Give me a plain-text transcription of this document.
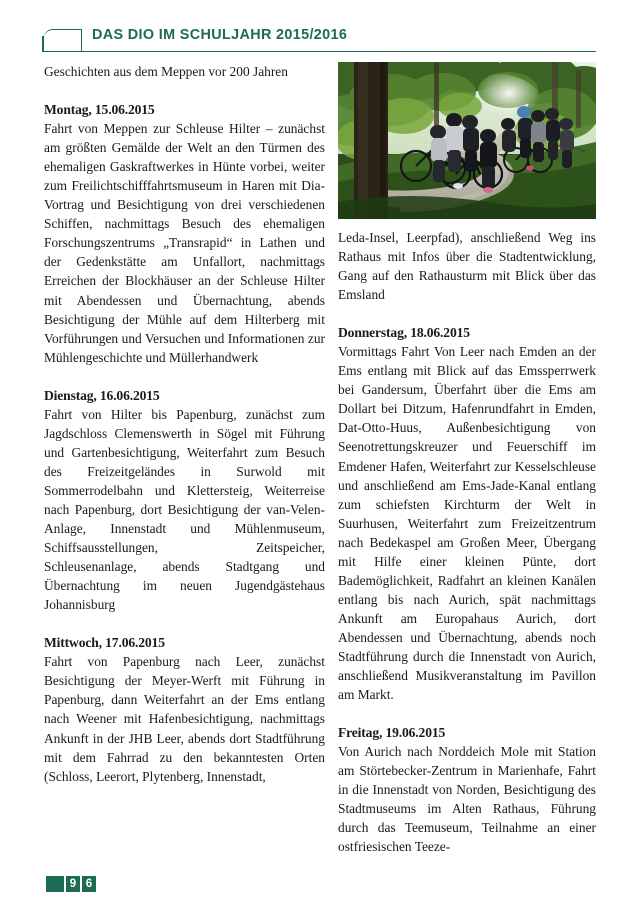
DAS DIO IM SCHULJAHR 2015/2016

Geschichten aus dem Meppen vor 200 Jahren

Montag, 15.06.2015

Fahrt von Meppen zur Schleuse Hilter – zunächst am größten Gemälde der Welt an den Türmen des ehemaligen Gaskraftwerkes in Hünte vorbei, weiter zum Freilichtschifffahrtsmuseum in Haren mit Dia-Vortrag und Besichtigung von drei verschiedenen Schiffen, nachmittags Besuch des ehemaligen Forschungszentrums „Transrapid“ in Lathen und der Gedenkstätte am Unfallort, nachmittags Erreichen der Blockhäuser an der Schleuse Hilter mit Abendessen und Übernachtung, abends Besichtigung der Mühle auf dem Hilterberg mit Vorführungen und Versuchen und Informationen zur Mühlengeschichte und Müllerhandwerk

Dienstag, 16.06.2015

Fahrt von Hilter bis Papenburg, zunächst zum Jagdschloss Clemenswerth in Sögel mit Führung und Gartenbesichtigung, Weiterfahrt zum Besuch des Freizeitgeländes in Surwold mit Sommerrodelbahn und Klettersteig, Weiterreise nach Papenburg, dort Besichtigung der van-Velen-Anlage, Innenstadt und Mühlenmuseum, Schiffsausstellungen, Zeitspeicher, Schleusenanlage, abends Stadtgang und Übernachtung im neuen Jugendgästehaus Johannisburg

Mittwoch, 17.06.2015

Fahrt von Papenburg nach Leer, zunächst Besichtigung der Meyer-Werft mit Führung in Papenburg, dann Weiterfahrt an der Ems entlang nach Weener mit Hafenbesichtigung, nachmittags Ankunft in der JHB Leer, abends dort Stadtführung mit dem Fahrrad zu den bekanntesten Orten (Schloss, Leerort, Plytenberg, Innenstadt,

Leda-Insel, Leerpfad), anschließend Weg ins Rathaus mit Infos über die Stadtentwicklung, Gang auf den Rathausturm mit Blick über das Emsland

Donnerstag, 18.06.2015

Vormittags Fahrt Von Leer nach Emden an der Ems entlang mit Blick auf das Emssperrwerk bei Gandersum, Überfahrt über die Ems am Dollart bei Ditzum, Hafenrundfahrt in Emden, Dat-Otto-Huus, Außenbesichtigung von Seenotrettungskreuzer und Feuerschiff im Emdener Hafen, Weiterfahrt zur Kesselschleuse und anschließend am Ems-Jade-Kanal entlang zum schiefsten Kirchturm der Welt in Suurhusen, Weiterfahrt zum Freizeitzentrum nach Bedekaspel am Großen Meer, Übergang mit Hilfe einer kleinen Pünte, dort Bademöglichkeit, Radfahrt an kleinen Kanälen entlang bis nach Aurich, spät nachmittags Ankunft am Europahaus Aurich, dort Abendessen und Übernachtung, abends noch Stadtführung durch die Innenstadt von Aurich, anschließend Musikveranstaltung im Pavillon am Markt.

Freitag, 19.06.2015

Von Aurich nach Norddeich Mole mit Station am Störtebecker-Zentrum in Marienhafe, Fahrt in die Innenstadt von Norden, Besichtigung des Stadtmuseums im Alten Rathaus, Führung durch das Teemuseum, Teilnahme an einer ostfriesischen Teeze-

9 6
